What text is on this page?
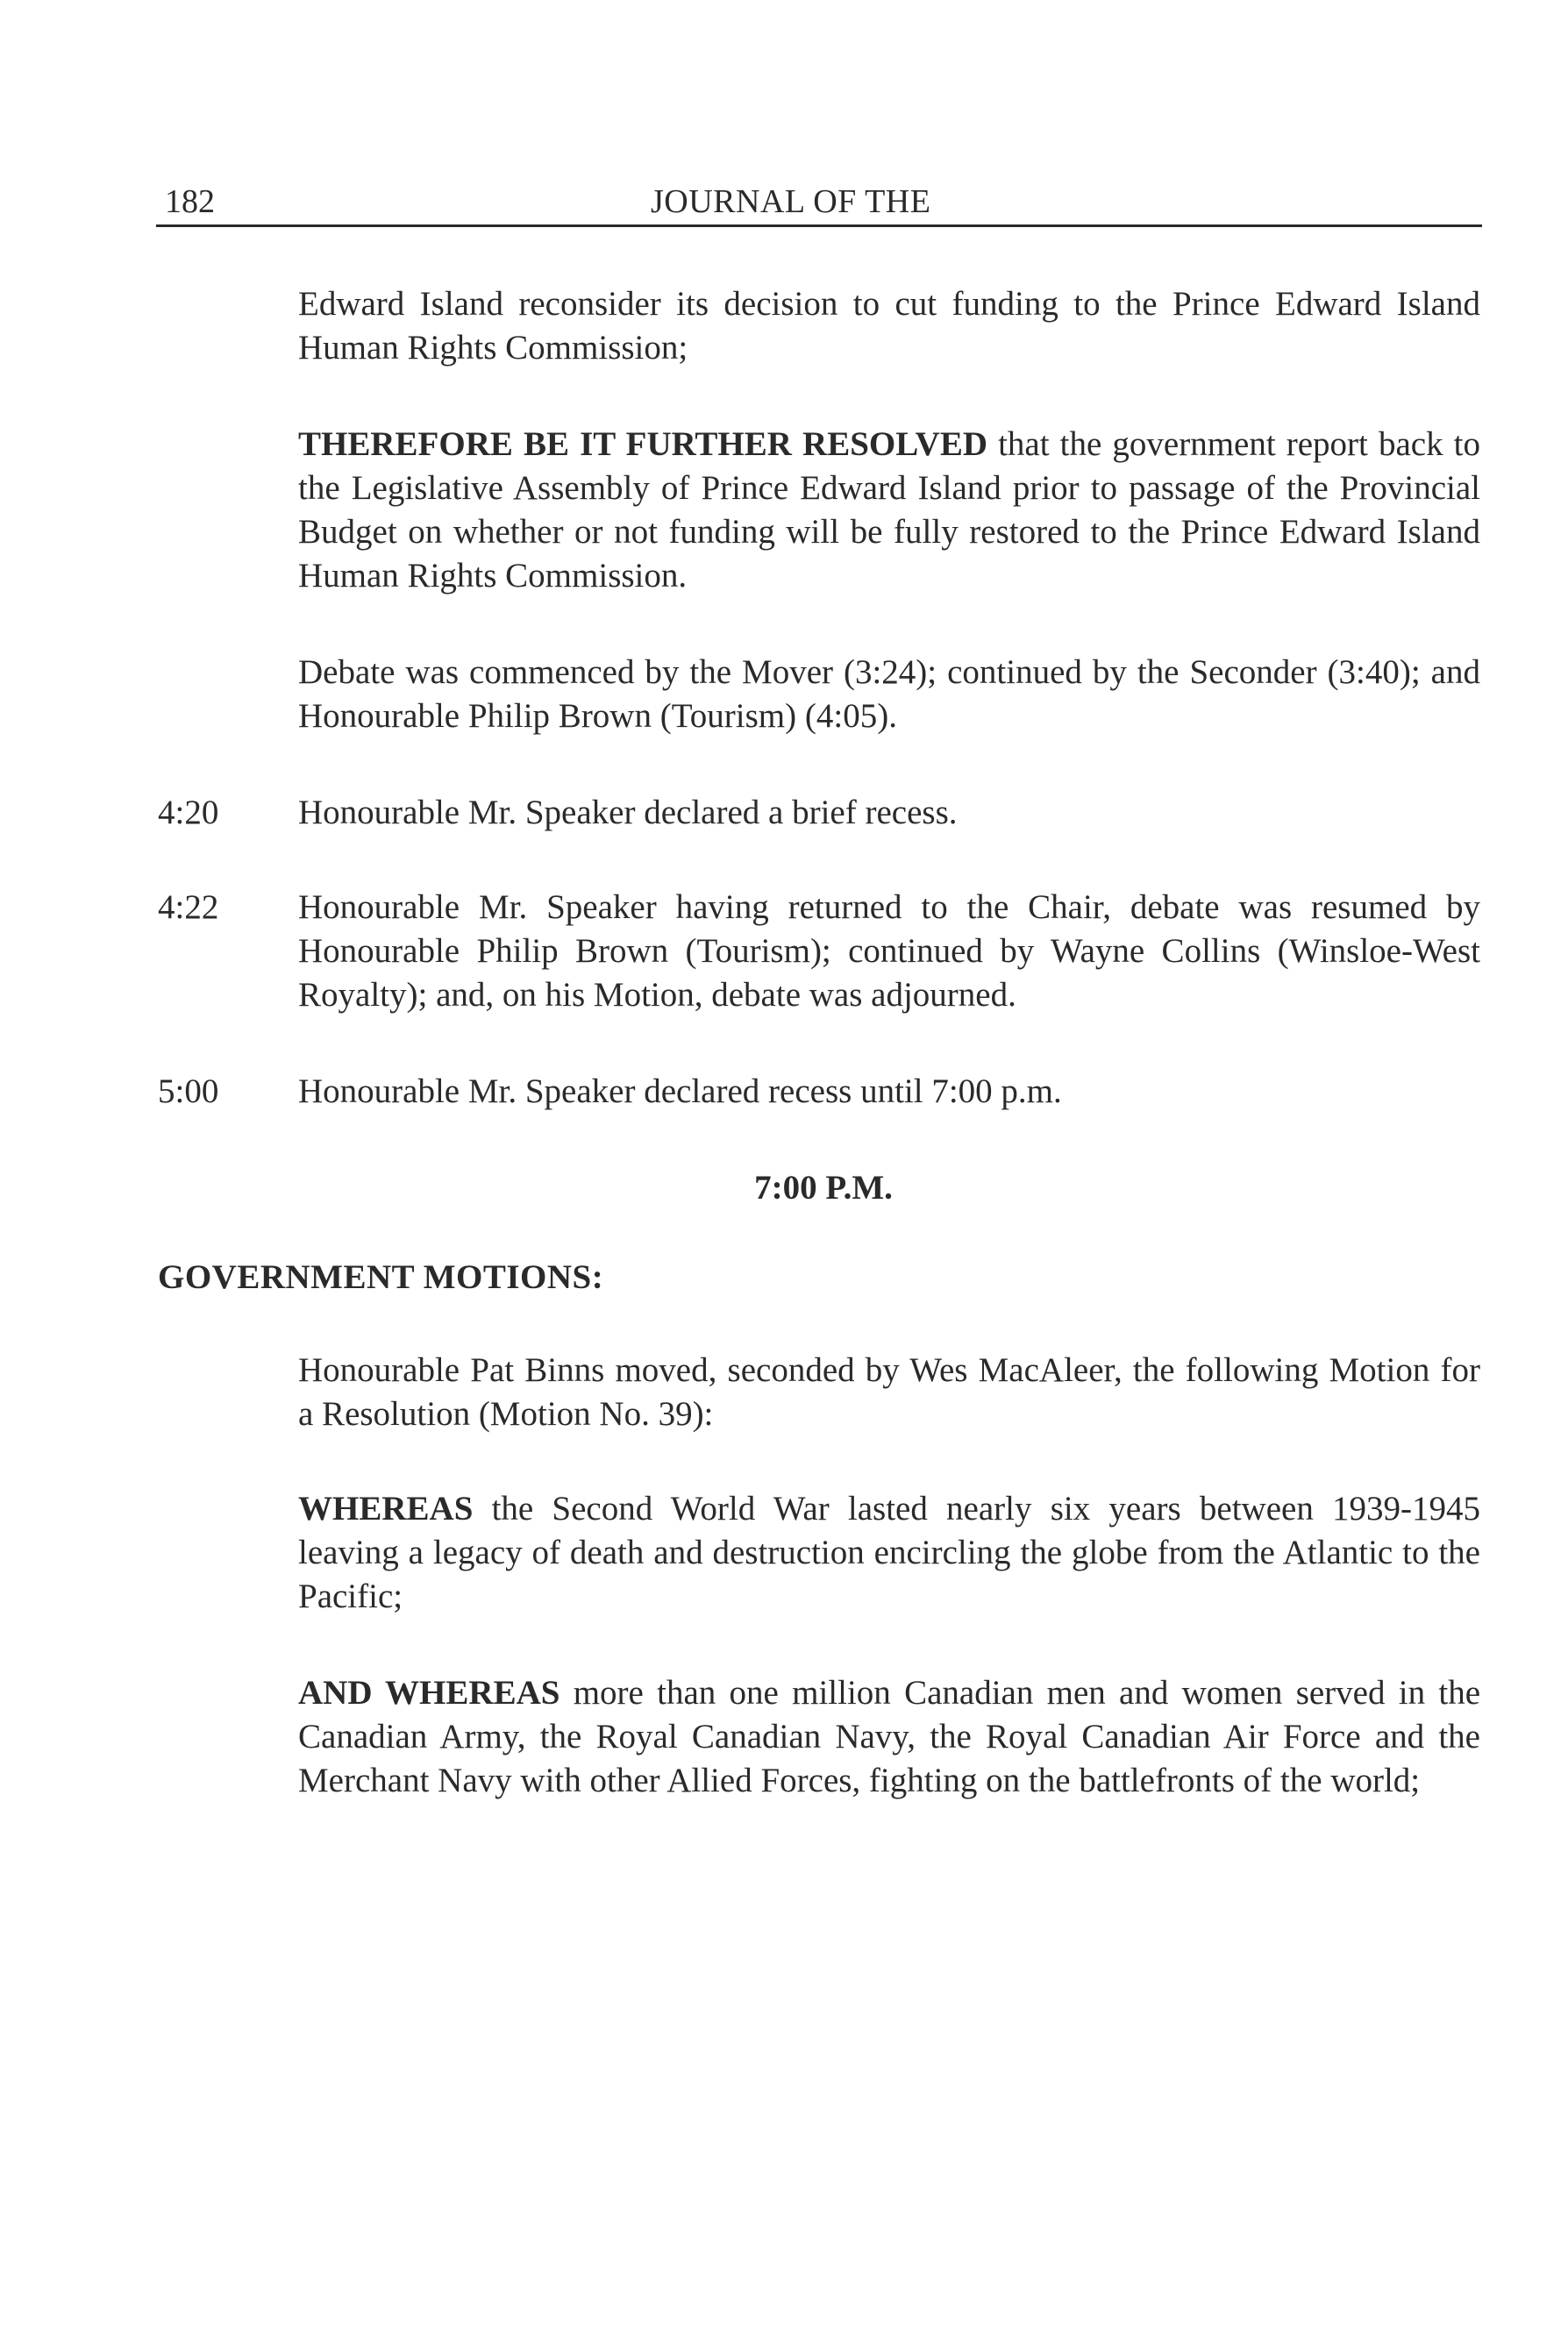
182	JOURNAL OF THE

Edward Island reconsider its decision to cut funding to the Prince Edward Island Human Rights Commission;

THEREFORE BE IT FURTHER RESOLVED that the government report back to the Legislative Assembly of Prince Edward Island prior to passage of the Provincial Budget on whether or not funding will be fully restored to the Prince Edward Island Human Rights Commission.

Debate was commenced by the Mover (3:24); continued by the Seconder (3:40); and Honourable Philip Brown (Tourism) (4:05).

4:20 Honourable Mr. Speaker declared a brief recess.

4:22 Honourable Mr. Speaker having returned to the Chair, debate was resumed by Honourable Philip Brown (Tourism); continued by Wayne Collins (Winsloe-West Royalty); and, on his Motion, debate was adjourned.

5:00 Honourable Mr. Speaker declared recess until 7:00 p.m.

7:00 P.M.

GOVERNMENT MOTIONS:

Honourable Pat Binns moved, seconded by Wes MacAleer, the following Motion for a Resolution (Motion No. 39):

WHEREAS the Second World War lasted nearly six years between 1939-1945 leaving a legacy of death and destruction encircling the globe from the Atlantic to the Pacific;

AND WHEREAS more than one million Canadian men and women served in the Canadian Army, the Royal Canadian Navy, the Royal Canadian Air Force and the Merchant Navy with other Allied Forces, fighting on the battlefronts of the world;
